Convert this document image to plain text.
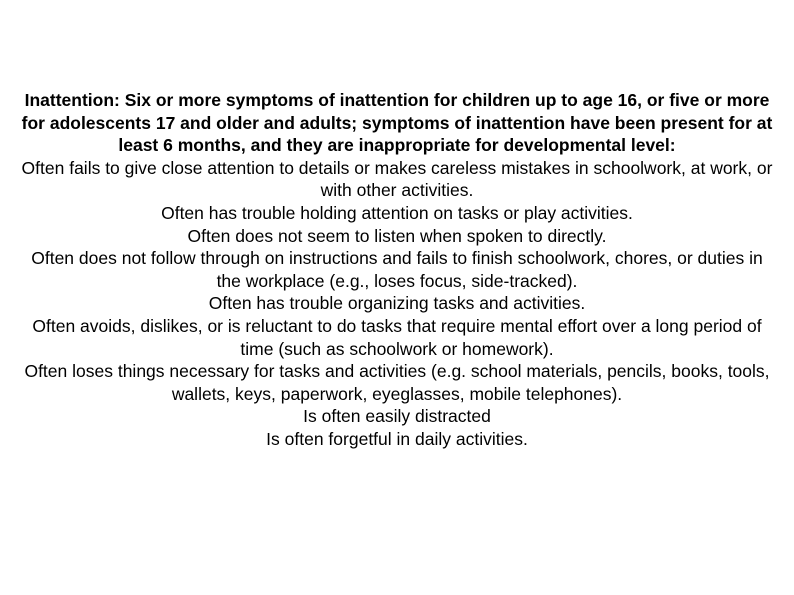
Inattention: Six or more symptoms of inattention for children up to age 16, or five or more for adolescents 17 and older and adults; symptoms of inattention have been present for at least 6 months, and they are inappropriate for developmental level:

Often fails to give close attention to details or makes careless mistakes in schoolwork, at work, or with other activities.
Often has trouble holding attention on tasks or play activities.
Often does not seem to listen when spoken to directly.
Often does not follow through on instructions and fails to finish schoolwork, chores, or duties in the workplace (e.g., loses focus, side-tracked).
Often has trouble organizing tasks and activities.
Often avoids, dislikes, or is reluctant to do tasks that require mental effort over a long period of time (such as schoolwork or homework).
Often loses things necessary for tasks and activities (e.g. school materials, pencils, books, tools, wallets, keys, paperwork, eyeglasses, mobile telephones).
Is often easily distracted
Is often forgetful in daily activities.
